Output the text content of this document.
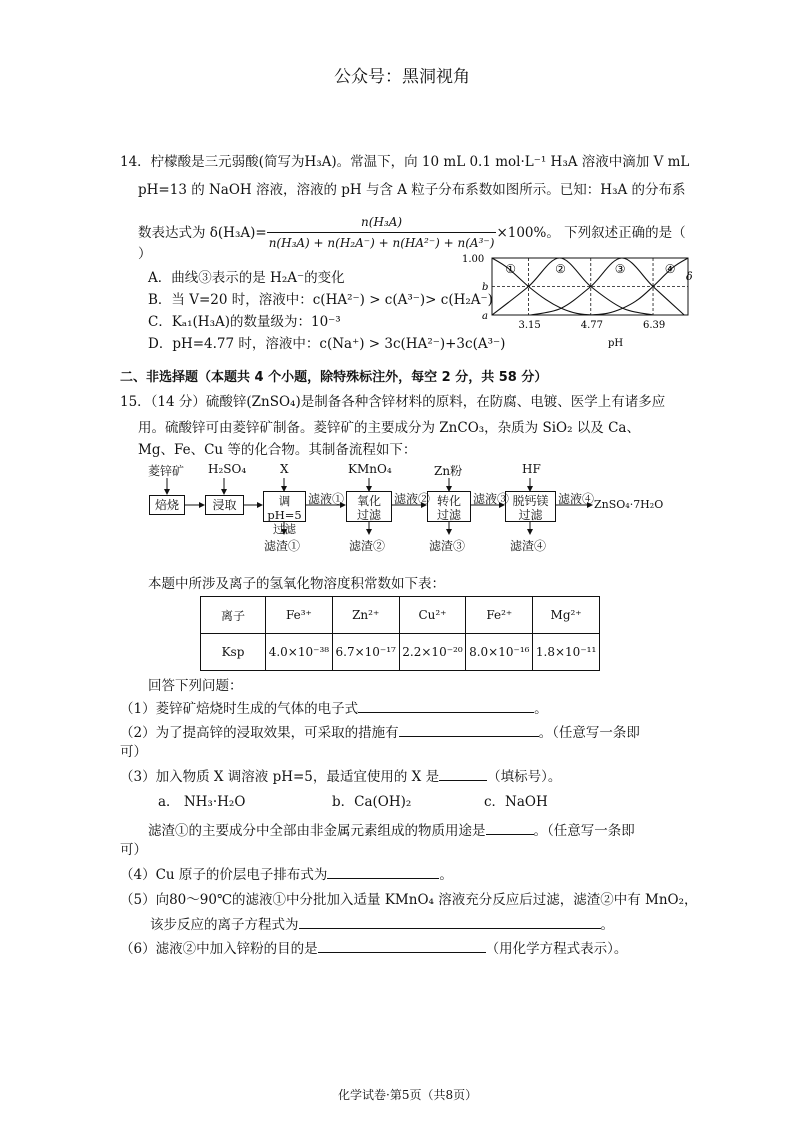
公众号：黑洞视角
14．柠檬酸是三元弱酸(简写为H₃A)。常温下，向 10 mL 0.1 mol·L⁻¹ H₃A 溶液中滴加 V mL
pH=13 的 NaOH 溶液，溶液的 pH 与含 A 粒子分布系数如图所示。已知：H₃A 的分布系
数表达式为 $\delta(H_3A)= \frac{\text{n(H₃A)}}{\text{n(H₃A) + n(H₂A⁻) + n(HA²⁻) + n(A³⁻)}} \times 100\%$。 下列叙述正确的是（
）
A．曲线③表示的是 H₂A⁻的变化
B．当 V=20 时，溶液中：c(HA²⁻) > c(A³⁻)> c(H₂A⁻)
C．Kₐ₁(H₃A)的数量级为：10⁻³
D．pH=4.77 时，溶液中：c(Na⁺) > 3c(HA²⁻)+3c(A³⁻)
1.00
b
a
δ
3.15	4.77	6.39
①	②	③	④
pH
二、非选择题（本题共 4 个小题，除特殊标注外，每空 2 分，共 58 分）
15．（14 分）硫酸锌(ZnSO₄)是制备各种含锌材料的原料，在防腐、电镀、医学上有诸多应
用。硫酸锌可由菱锌矿制备。菱锌矿的主要成分为 ZnCO₃，杂质为 SiO₂ 以及 Ca、
Mg、Fe、Cu 等的化合物。其制备流程如下：
菱锌矿 H₂SO₄	X	KMnO₄	Zn粉	HF
焙烧	浸取	调pH=5
过滤
氧化
过滤
转化
过滤
脱钙镁
过滤
滤液①	滤液②	滤液③	滤液④ ZnSO₄·7H₂O
滤渣①	滤渣②	滤渣③	滤渣④
本题中所涉及离子的氢氧化物溶度积常数如下表：
离子	Fe³⁺	Zn²⁺	Cu²⁺	Fe²⁺	Mg²⁺
Ksp	4.0×10⁻³⁸	6.7×10⁻¹⁷	2.2×10⁻²⁰	8.0×10⁻¹⁶	1.8×10⁻¹¹
回答下列问题：
（1）菱锌矿焙烧时生成的气体的电子式	。
（2）为了提高锌的浸取效果，可采取的措施有	。（任意写一条即
可）
（3）加入物质 X 调溶液 pH=5，最适宜使用的 X 是	（填标号）。
a． NH₃·H₂O	b．Ca(OH)₂	c．NaOH
滤渣①的主要成分中全部由非金属元素组成的物质用途是	。（任意写一条即
可）
（4）Cu 原子的价层电子排布式为	。
（5）向80～90℃的滤液①中分批加入适量 KMnO₄ 溶液充分反应后过滤，滤渣②中有 MnO₂，
该步反应的离子方程式为	。
（6）滤液②中加入锌粉的目的是	（用化学方程式表示）。
化学试卷·第5页（共8页）
